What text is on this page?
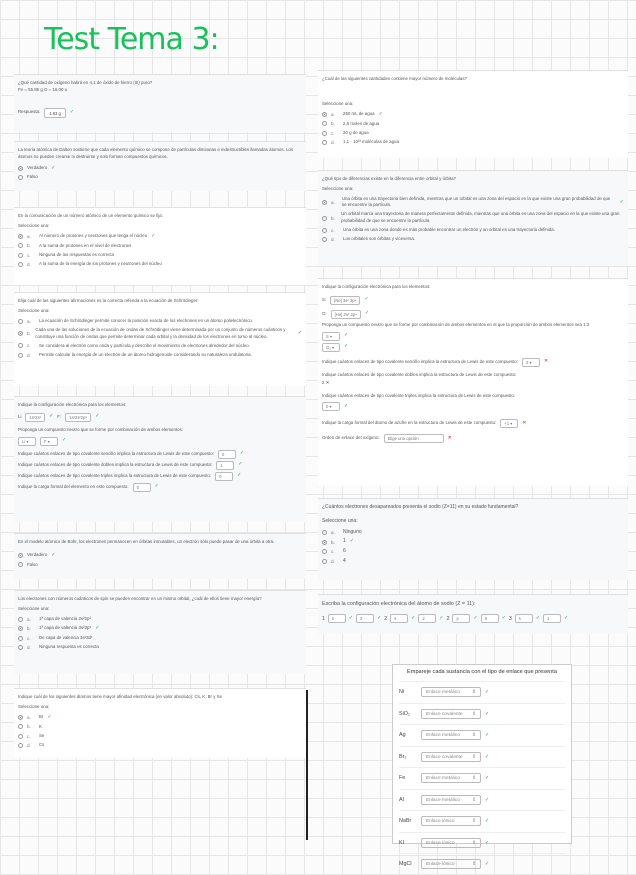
Test Tema 3:
¿Qué cantidad de oxígeno habrá en 4,1 de óxido de hierro (III) puro?
Fe = 55.85 g O = 16.00 u
Respuesta:	1.63 g	✓
La teoría atómica de Dalton sostiene que cada elemento químico se compone de partículas diminutas e indestructibles llamadas átomos. Los átomos no pueden crearse ni destruirse y solo forman compuestos químicos.
Verdadero ✓
Falso
En la comunicación de un número atómico de un elemento químico se fija:
Seleccione una:
a.	Al número de protones y neutrones que tenga el núcleo ✓
b.	A la suma de protones en el nivel de electrones
c.	Ninguna de las respuestas es correcta
d.	A la suma de la energía de los protones y neutrones del núcleo
Elija cuál de las siguientes afirmaciones es la correcta referida a la ecuación de Schrödinger:
Seleccione una:
a.	La ecuación de Schrödinger permite conocer la posición exacta de los electrones en un átomo polielectrónico.
b.
Cada una de las soluciones de la ecuación de ondas de Schrödinger viene determinada por un conjunto de números cuánticos y constituye una función de ondas que permite determinar cada orbital y la densidad de los electrones en torno al núcleo.
✓
c.	Se considera al electrón como onda y partícula y describe el movimiento de electrones alrededor del núcleo.
d.	Permite calcular la energía de un electrón de un átomo hidrogenoide considerando su naturaleza ondulatoria.
Indique la configuración electrónica para los elementos:
Li	1s²2s¹	✓ F:	1s²2s²2p⁵	✓
Proponga un compuesto neutro que se forme por combinación de ambos elementos:
Li ▾	F ▾	✓
Indique cuántos enlaces de tipo covalente sencillo implica la estructura de Lewis de este compuesto:	0	✓
Indique cuántos enlaces de tipo covalente dobles implica la estructura de Lewis de este compuesto:	1	✓
Indique cuántos enlaces de tipo covalente triples implica la estructura de Lewis de este compuesto:	0	✓
Indique la carga formal del elemento en este compuesto:	0	✓
En el modelo atómico de Bohr, los electrones permanecen en órbitas inmutables, un electrón sólo puede pasar de una órbita a otra.
Verdadero ✓
Falso
Los electrones con números cuánticos de spin se pueden encontrar en un mismo orbital, ¿cuál de ellos tiene mayor energía?
Seleccione una:
a.	1ª capa de valencia 2s²2p²
b.	1ª capa de valencia 3s²3p⁵ ✓
c.	De capa de valencia 3s¹3d¹
d.	Ninguna respuesta es correcta
Indique cuál de los siguientes átomos tiene mayor afinidad electrónica (en valor absoluto): Cs, K, Br y Se
Seleccione una:
a.	Br ✓
b.	K
c.	Se
d.	Cs
¿Cuál de las siguientes cantidades contiene mayor número de moléculas?
Seleccione una:
a.	250 mL de agua ✓
b.	2,5 moles de agua
c.	20 g de agua
d.	1,1 · 10²³ moléculas de agua
¿Qué tipo de diferencias existe en la diferencia entre orbital y órbita?
Seleccione una:
a.
Una órbita es una trayectoria bien definida, mientras que un orbital es una zona del espacio en la que existe una gran probabilidad de que se encuentre la partícula.
✓
b.
Un orbital marca una trayectoria de manera perfectamente definida, mientras que una órbita es una zona del espacio en la que existe una gran probabilidad de que se encuentre la partícula.
c.	Una órbita es una zona donde es más probable encontrar un electrón y un orbital es una trayectoria definida.
d.	Los orbitales son órbitas y viceversa.
Indique la configuración electrónica para los elementos:
S:	[Ne] 3s² 3p⁴	✓
O:	[He] 2s² 2p⁴	✓
Proponga un compuesto neutro que se forme por combinación de ambos elementos en el que la proporción de ambos elementos sea 1:2
S ▾	✓
O₂ ▾	✓
Indique cuántos enlaces de tipo covalente sencillo implica la estructura de Lewis de este compuesto:	2 ▾	✕
Indique cuántos enlaces de tipo covalente dobles implica la estructura de Lewis de este compuesto:
2 ✕
Indique cuántos enlaces de tipo covalente triples implica la estructura de Lewis de este compuesto:
0 ▾	✓
Indique la carga formal del átomo de azufre en la estructura de Lewis de este compuesto:	+1 ▾	✕
Orden de enlace del oxígeno:	Elige una opción	✕
¿Cuántos electrones desapareados presenta el sodio (Z=11) en su estado fundamental?
Seleccione una:
a.	Ninguno
b.	1 ✓
c.	6
d.	4
Escriba la configuración electrónica del átomo de sodio (Z = 11):
1	s	✓	2	✓ 2	s	✓	2	✓ 2	p	✓	6	✓ 3	s	✓	1	✓
Empareje cada sustancia con el tipo de enlace que presenta
Ni	Enlace metálico	⇕ ✓
SiO₂	Enlace covalente ⇕ ✓
Ag	Enlace metálico	⇕ ✓
Br₂	Enlace covalente ⇕ ✓
Fe	Enlace metálico	⇕ ✓
Al	Enlace metálico	⇕ ✓
NaBr	Enlace iónico	⇕ ✓
KI	Enlace iónico	⇕ ✓
MgCl	Enlace iónico	⇕ ✓
